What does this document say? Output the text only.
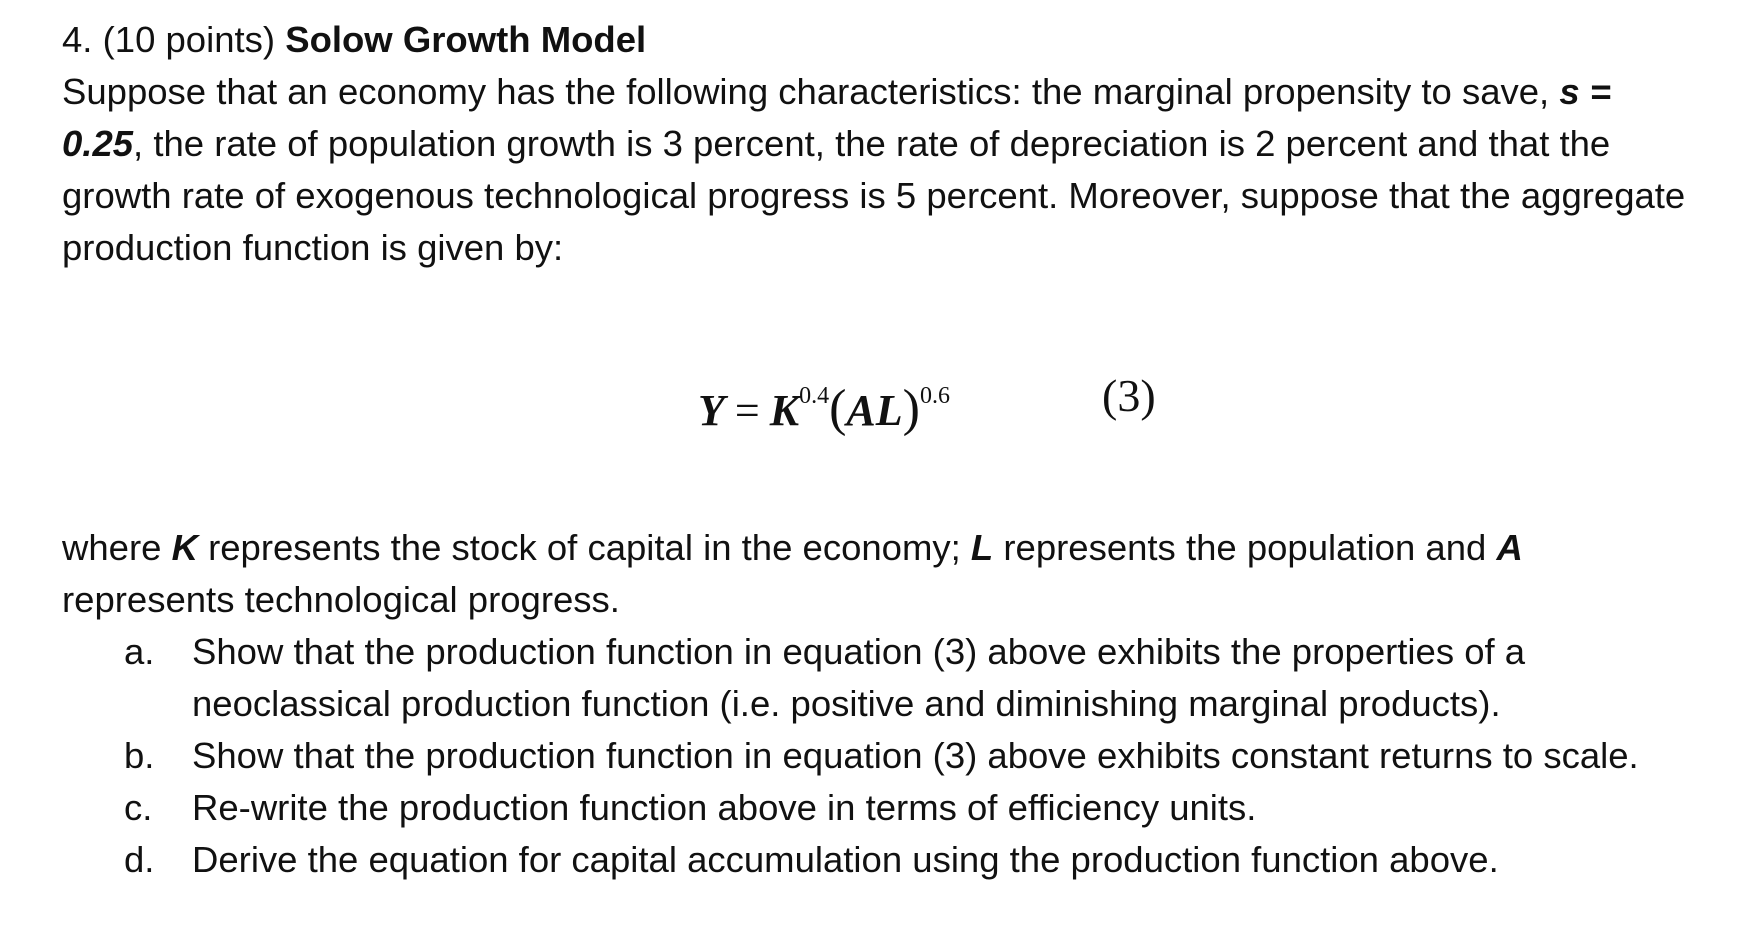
4. (10 points) Solow Growth Model

Suppose that an economy has the following characteristics: the marginal propensity to save, s = 0.25, the rate of population growth is 3 percent, the rate of depreciation is 2 percent and that the growth rate of exogenous technological progress is 5 percent. Moreover, suppose that the aggregate production function is given by:

$Y = K^{0.4}(AL)^{0.6}$	(3)

where K represents the stock of capital in the economy; L represents the population and A represents technological progress.

a. Show that the production function in equation (3) above exhibits the properties of a neoclassical production function (i.e. positive and diminishing marginal products).
b. Show that the production function in equation (3) above exhibits constant returns to scale.
c. Re-write the production function above in terms of efficiency units.
d. Derive the equation for capital accumulation using the production function above.
